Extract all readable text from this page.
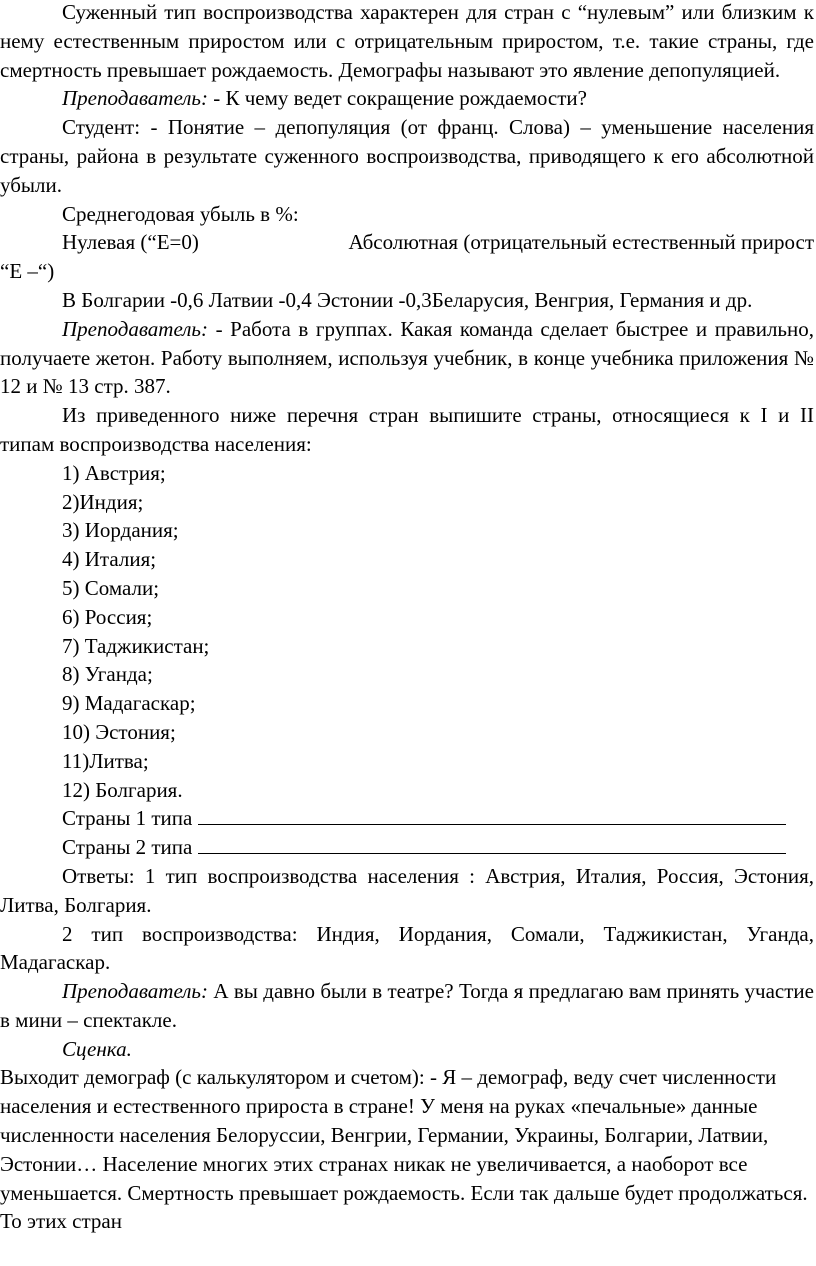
Суженный тип воспроизводства характерен для стран с “нулевым” или близким к нему естественным приростом или с отрицательным приростом, т.е. такие страны, где смертность превышает рождаемость. Демографы называют это явление депопуляцией.

Преподаватель: - К чему ведет сокращение рождаемости?

Студент: - Понятие – депопуляция (от франц. Слова) – уменьшение населения страны, района в результате суженного воспроизводства, приводящего к его абсолютной убыли.

Среднегодовая убыль в %:

Нулевая (“E=0)	Абсолютная (отрицательный естественный прирост

“E –“)

В Болгарии -0,6 Латвии -0,4 Эстонии -0,3Беларусия, Венгрия, Германия и др.

Преподаватель: - Работа в группах. Какая команда сделает быстрее и правильно, получаете жетон. Работу выполняем, используя учебник, в конце учебника приложения № 12 и № 13 стр. 387.

Из приведенного ниже перечня стран выпишите страны, относящиеся к I и II типам воспроизводства населения:

1) Австрия;
2)Индия;
3) Иордания;
4) Италия;
5) Сомали;
6) Россия;
7) Таджикистан;
8) Уганда;
9) Мадагаскар;
10) Эстония;
11)Литва;
12) Болгария.
Страны 1 типа
Страны 2 типа

Ответы: 1 тип воспроизводства населения : Австрия, Италия, Россия, Эстония, Литва, Болгария.

2 тип воспроизводства: Индия, Иордания, Сомали, Таджикистан, Уганда, Мадагаскар.

Преподаватель: А вы давно были в театре? Тогда я предлагаю вам принять участие в мини – спектакле.

Сценка.

Выходит демограф (с калькулятором и счетом): - Я – демограф, веду счет численности населения и естественного прироста в стране! У меня на руках «печальные» данные численности населения Белоруссии, Венгрии, Германии, Украины, Болгарии, Латвии, Эстонии… Население многих этих странах никак не увеличивается, а наоборот все уменьшается. Смертность превышает рождаемость. Если так дальше будет продолжаться. То этих стран
